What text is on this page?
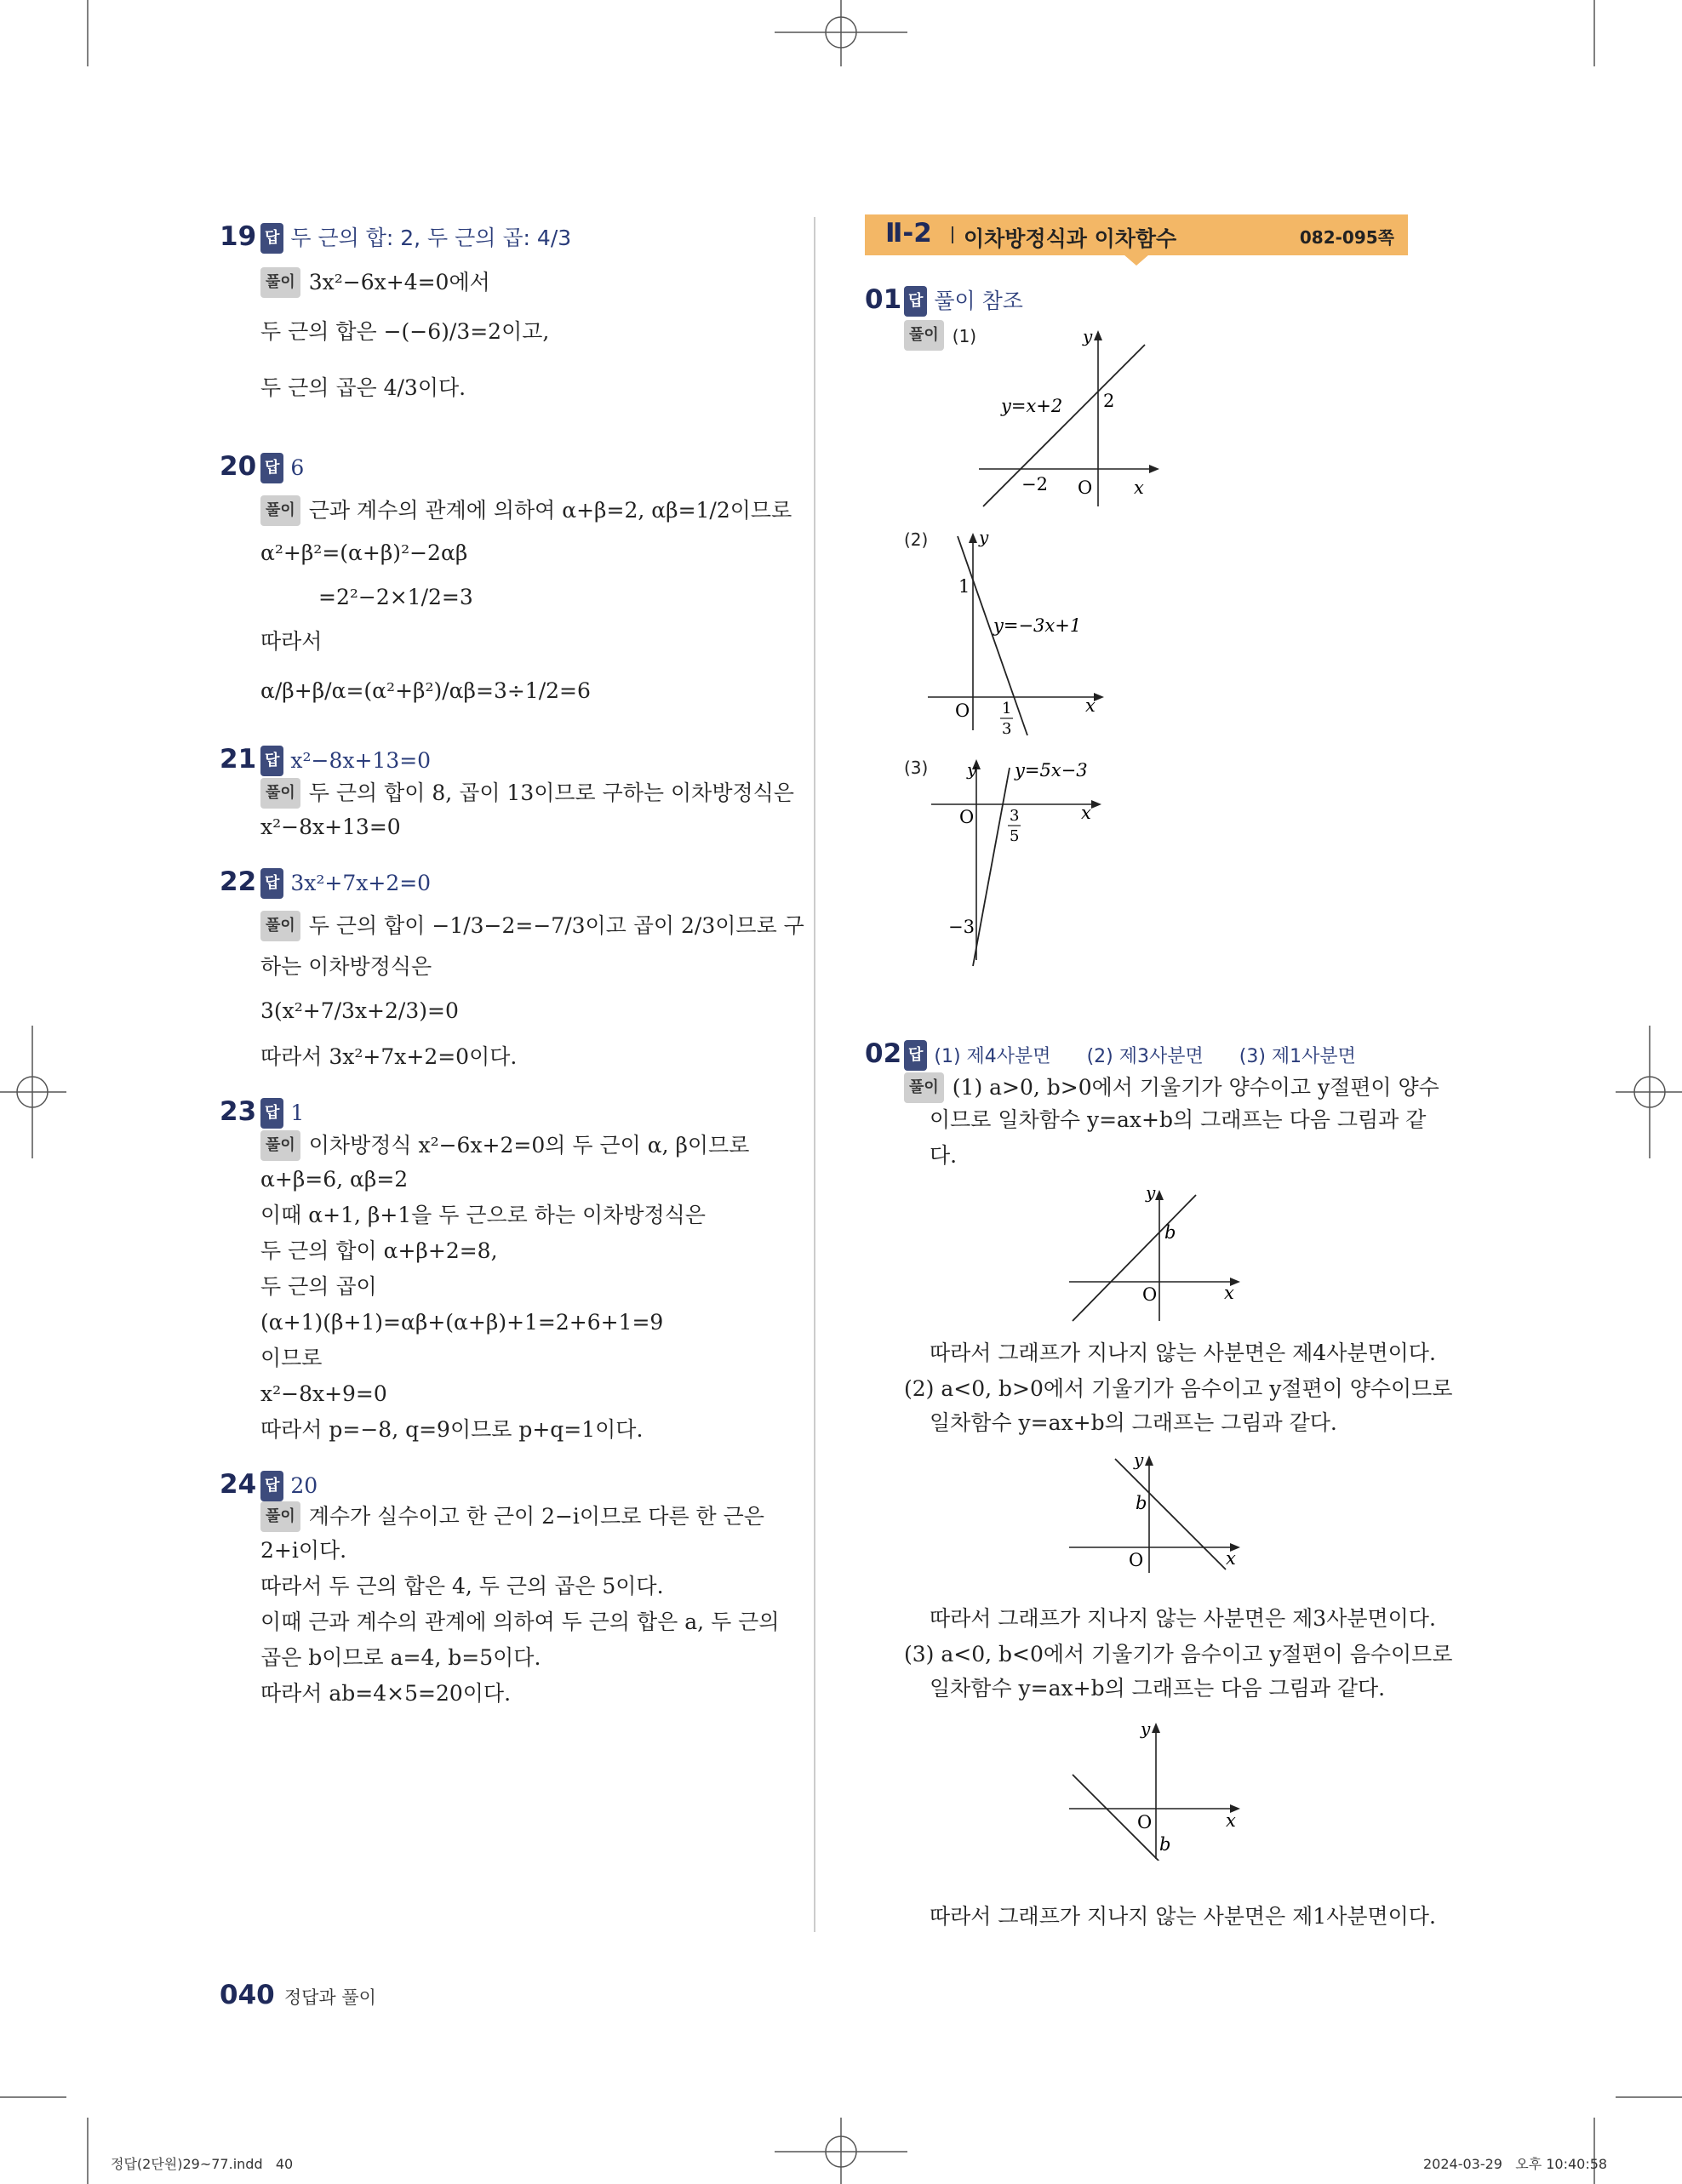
19 답 두 근의 합: 2, 두 근의 곱: 4/3
풀이 3x²−6x+4=0에서
두 근의 합은 −(−6)/3=2이고,
두 근의 곱은 4/3이다.
20 답 6
풀이 근과 계수의 관계에 의하여 α+β=2, αβ=1/2이므로
α²+β²=(α+β)²−2αβ
=2²−2×1/2=3
따라서
α/β+β/α=(α²+β²)/αβ=3÷1/2=6
21 답 x²−8x+13=0
풀이 두 근의 합이 8, 곱이 13이므로 구하는 이차방정식은
x²−8x+13=0
22 답 3x²+7x+2=0
풀이 두 근의 합이 −1/3−2=−7/3이고 곱이 2/3이므로 구
하는 이차방정식은
3(x²+7/3x+2/3)=0
따라서 3x²+7x+2=0이다.
23 답 1
풀이 이차방정식 x²−6x+2=0의 두 근이 α, β이므로
α+β=6, αβ=2
이때 α+1, β+1을 두 근으로 하는 이차방정식은
두 근의 합이 α+β+2=8,
두 근의 곱이
(α+1)(β+1)=αβ+(α+β)+1=2+6+1=9
이므로
x²−8x+9=0
따라서 p=−8, q=9이므로 p+q=1이다.
24 답 20
풀이 계수가 실수이고 한 근이 2−i이므로 다른 한 근은
2+i이다.
따라서 두 근의 합은 4, 두 근의 곱은 5이다.
이때 근과 계수의 관계에 의하여 두 근의 합은 a, 두 근의
곱은 b이므로 a=4, b=5이다.
따라서 ab=4×5=20이다.
Ⅱ-2 이차방정식과 이차함수	082-095쪽
01 답 풀이 참조
풀이 (1)	y
x
O
−2
2
y=x+2
(2)	y
x
O
1
y=−3x+1
1
3
(3) y
x
O
−3
y=5x−3
3
5
02 답 (1) 제4사분면 (2) 제3사분면 (3) 제1사분면
풀이 (1) a>0, b>0에서 기울기가 양수이고 y절편이 양수
이므로 일차함수 y=ax+b의 그래프는 다음 그림과 같
다.
y
x
O
b
따라서 그래프가 지나지 않는 사분면은 제4사분면이다.
(2) a<0, b>0에서 기울기가 음수이고 y절편이 양수이므로
일차함수 y=ax+b의 그래프는 그림과 같다.
y
x
O
b
따라서 그래프가 지나지 않는 사분면은 제3사분면이다.
(3) a<0, b<0에서 기울기가 음수이고 y절편이 음수이므로
일차함수 y=ax+b의 그래프는 다음 그림과 같다.
y
x
O
b
따라서 그래프가 지나지 않는 사분면은 제1사분면이다.
040 정답과 풀이
정답(2단원)29~77.indd   40	2024-03-29   오후 10:40:58
